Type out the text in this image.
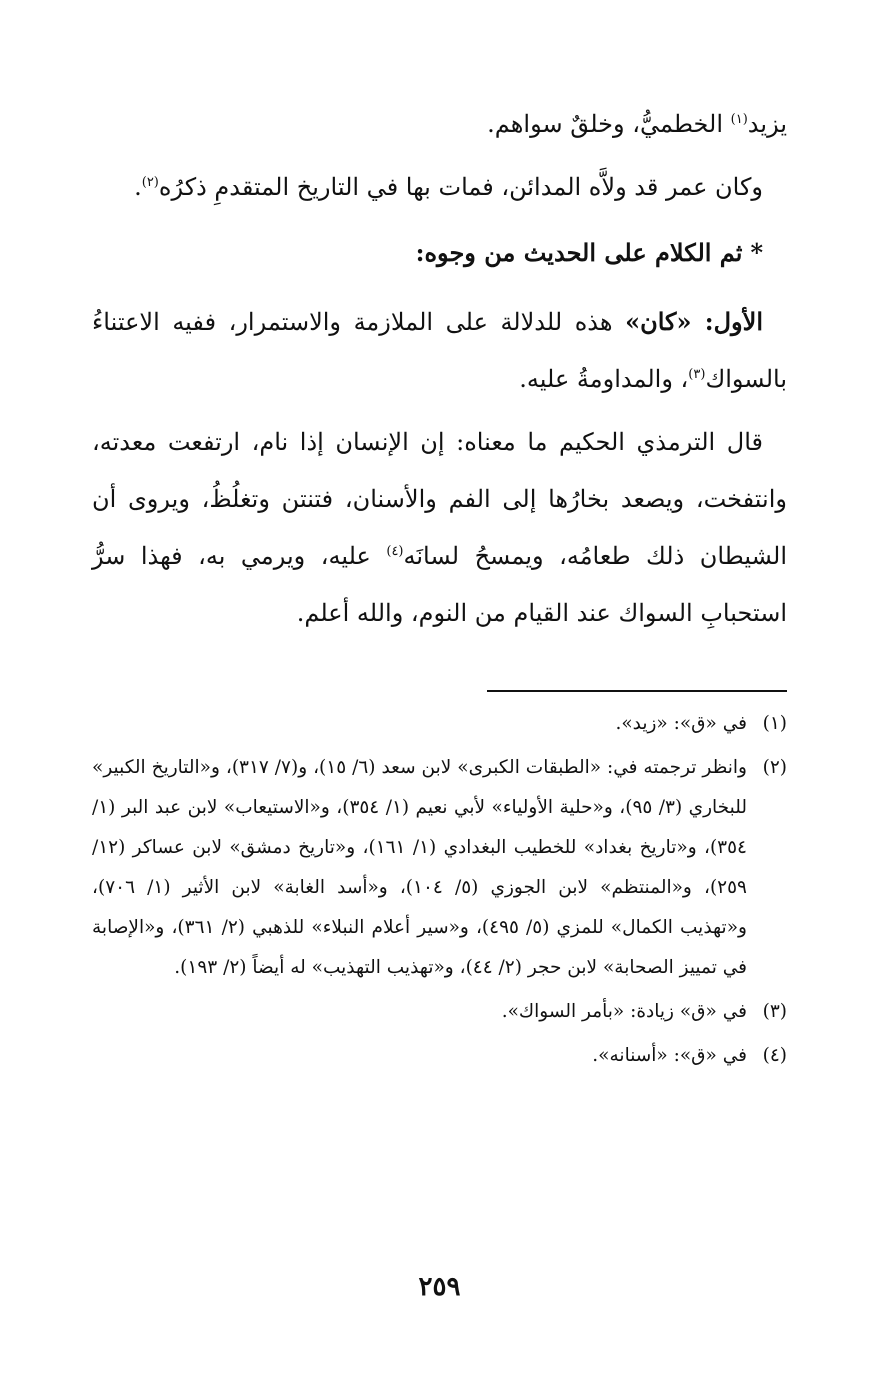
يزيد$^{(١)}$ الخطميُّ، وخلقٌ سواهم.

وكان عمر قد ولاَّه المدائن، فمات بها في التاريخ المتقدمِ ذكرُه$^{(٢)}$.

*ثم الكلام على الحديث من وجوه:

الأول: «كان» هذه للدلالة على الملازمة والاستمرار، ففيه الاعتناءُ بالسواك$^{(٣)}$، والمداومةُ عليه.

قال الترمذي الحكيم ما معناه: إن الإنسان إذا نام، ارتفعت معدته، وانتفخت، ويصعد بخارُها إلى الفم والأسنان، فتنتن وتغلُظُ، ويروى أن الشيطان ذلك طعامُه، ويمسحُ لسانَه$^{(٤)}$ عليه، ويرمي به، فهذا سرُّ استحبابِ السواك عند القيام من النوم، والله أعلم.

(١)
في «ق»: «زيد».
(٢)
وانظر ترجمته في: «الطبقات الكبرى» لابن سعد (٦/ ١٥)، و(٧/ ٣١٧)، و«التاريخ الكبير» للبخاري (٣/ ٩٥)، و«حلية الأولياء» لأبي نعيم (١/ ٣٥٤)، و«الاستيعاب» لابن عبد البر (١/ ٣٥٤)، و«تاريخ بغداد» للخطيب البغدادي (١/ ١٦١)، و«تاريخ دمشق» لابن عساكر (١٢/ ٢٥٩)، و«المنتظم» لابن الجوزي (٥/ ١٠٤)، و«أسد الغابة» لابن الأثير (١/ ٧٠٦)، و«تهذيب الكمال» للمزي (٥/ ٤٩٥)، و«سير أعلام النبلاء» للذهبي (٢/ ٣٦١)، و«الإصابة في تمييز الصحابة» لابن حجر (٢/ ٤٤)، و«تهذيب التهذيب» له أيضاً (٢/ ١٩٣).
(٣)
في «ق» زيادة: «بأمر السواك».
(٤)
في «ق»: «أسنانه».
٢٥٩
